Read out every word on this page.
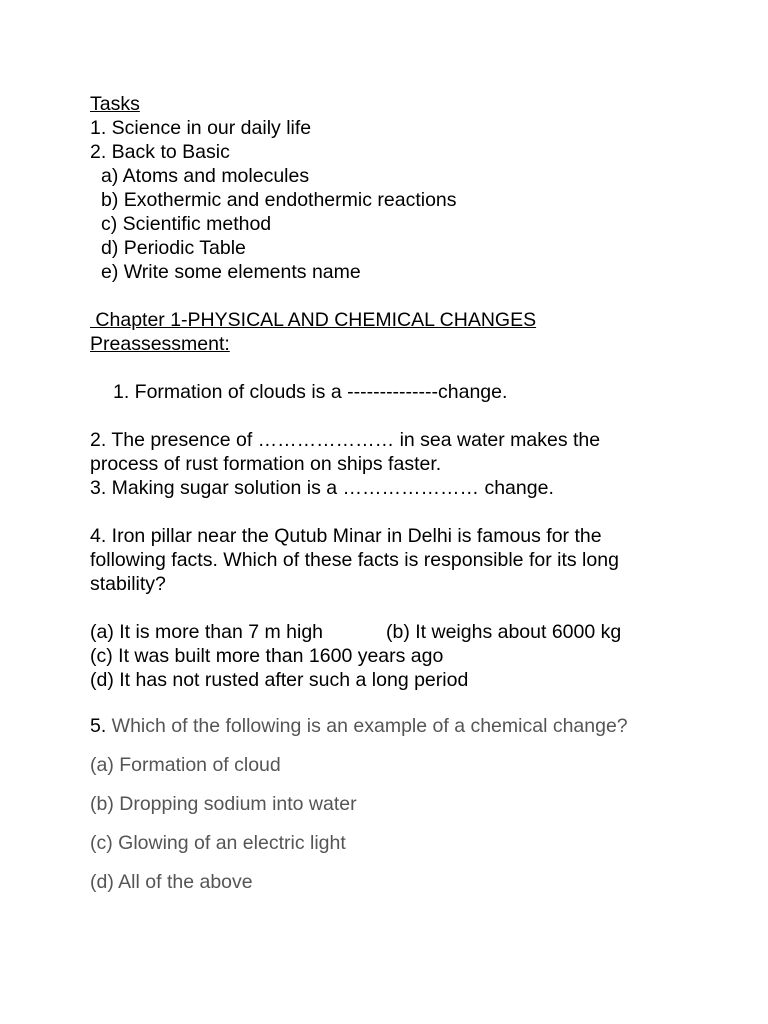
Tasks
1. Science in our daily life
2. Back to Basic
a) Atoms and molecules
b) Exothermic and endothermic reactions
c) Scientific method
d) Periodic Table
e) Write some elements name
Chapter 1-PHYSICAL AND CHEMICAL CHANGES
Preassessment:
1. Formation of clouds is a --------------change.
2. The presence of ………………… in sea water makes the
process of rust formation on ships faster.
3. Making sugar solution is a ………………… change.
4. Iron pillar near the Qutub Minar in Delhi is famous for the
following facts. Which of these facts is responsible for its long
stability?
(a) It is more than 7 m high	(b) It weighs about 6000 kg
(c) It was built more than 1600 years ago
(d) It has not rusted after such a long period
5. Which of the following is an example of a chemical change?
(a) Formation of cloud
(b) Dropping sodium into water
(c) Glowing of an electric light
(d) All of the above
